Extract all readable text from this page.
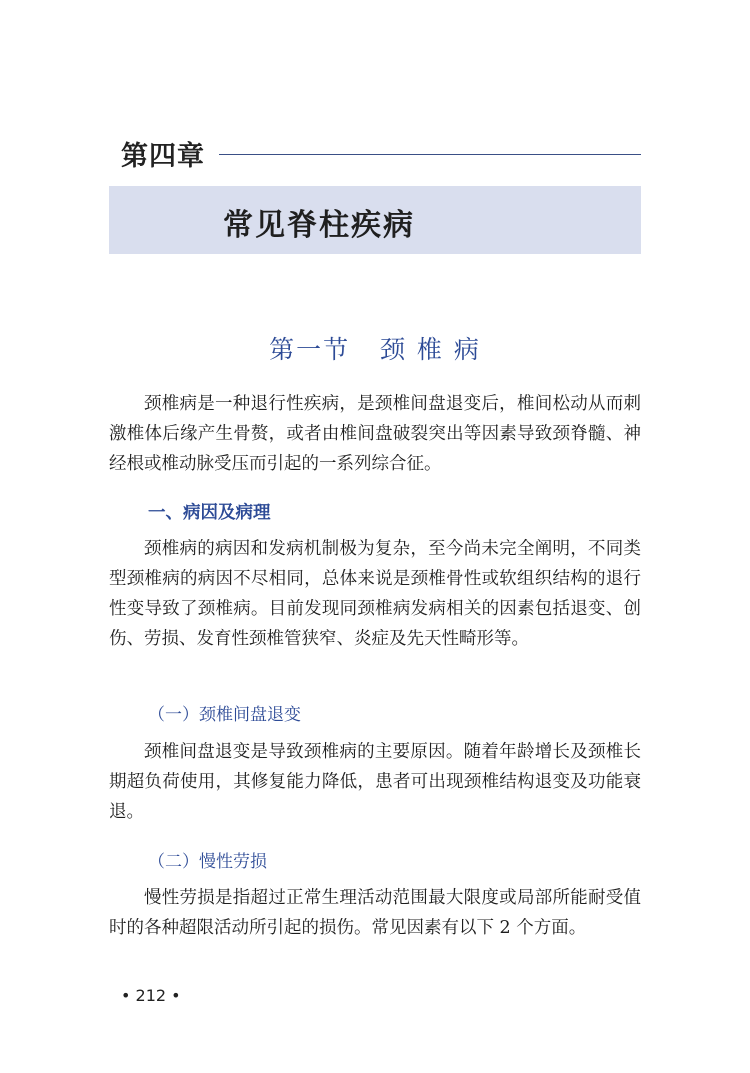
第四章
常见脊柱疾病
第一节   颈 椎 病

颈椎病是一种退行性疾病，是颈椎间盘退变后，椎间松动从而刺激椎体后缘产生骨赘，或者由椎间盘破裂突出等因素导致颈脊髓、神经根或椎动脉受压而引起的一系列综合征。

一、病因及病理

颈椎病的病因和发病机制极为复杂，至今尚未完全阐明，不同类型颈椎病的病因不尽相同，总体来说是颈椎骨性或软组织结构的退行性变导致了颈椎病。目前发现同颈椎病发病相关的因素包括退变、创伤、劳损、发育性颈椎管狭窄、炎症及先天性畸形等。

（一）颈椎间盘退变

颈椎间盘退变是导致颈椎病的主要原因。随着年龄增长及颈椎长期超负荷使用，其修复能力降低，患者可出现颈椎结构退变及功能衰退。

（二）慢性劳损

慢性劳损是指超过正常生理活动范围最大限度或局部所能耐受值时的各种超限活动所引起的损伤。常见因素有以下 2 个方面。

• 212 •
